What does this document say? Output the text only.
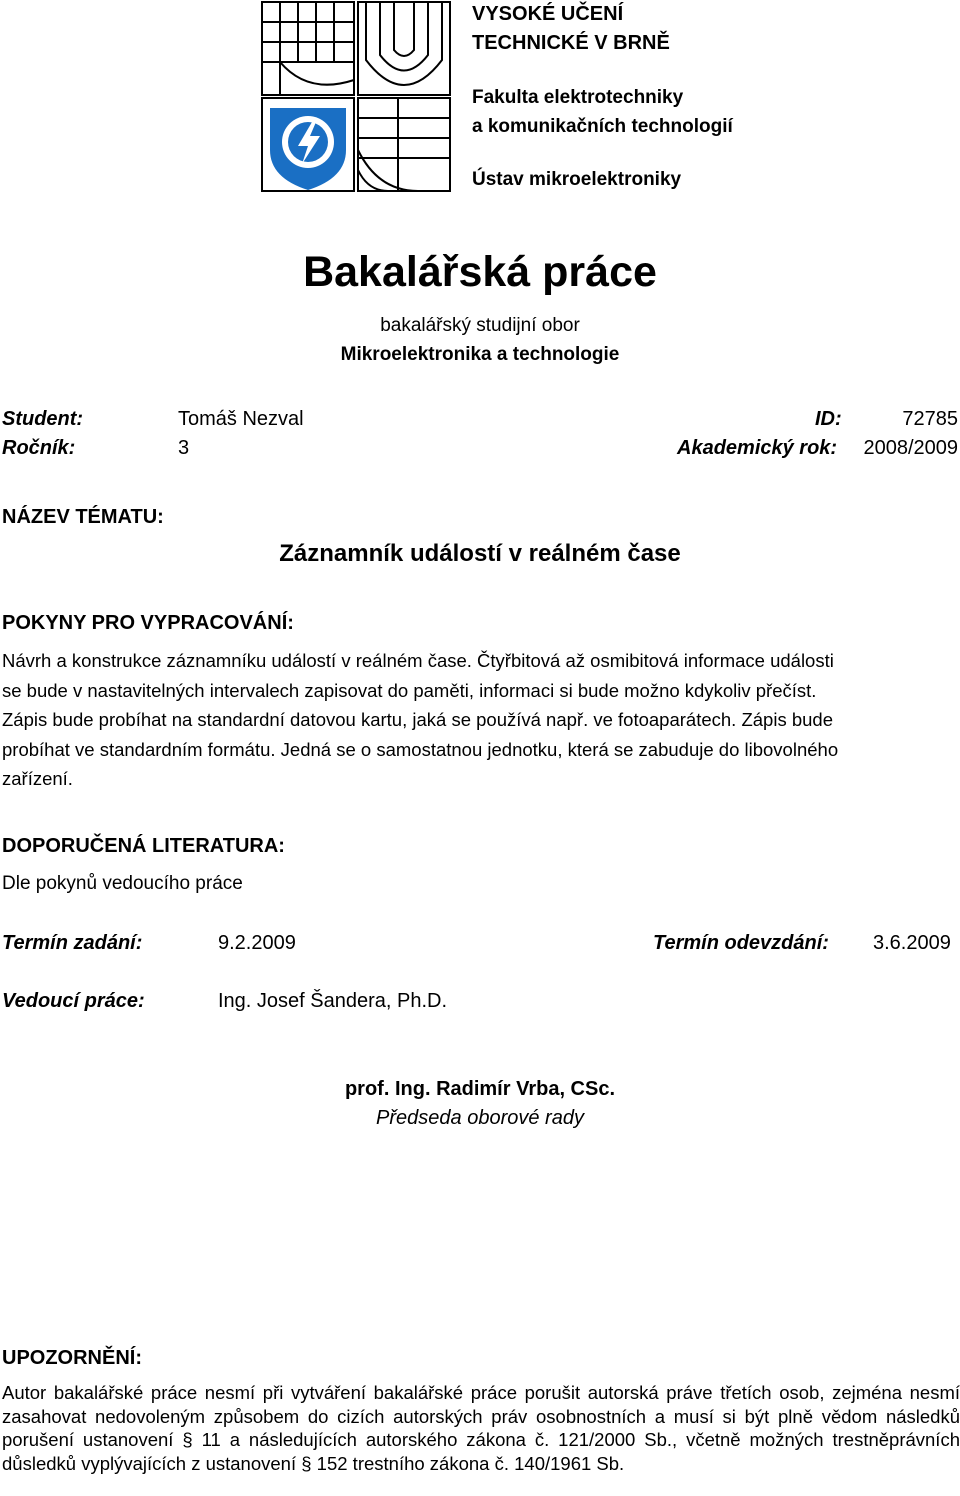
VYSOKÉ UČENÍ
TECHNICKÉ V BRNĚ
Fakulta elektrotechniky
a komunikačních technologií
Ústav mikroelektroniky
Bakalářská práce
bakalářský studijní obor
Mikroelektronika a technologie
Student:	Tomáš Nezval	ID:	72785
Ročník:	3	Akademický rok: 2008/2009
NÁZEV TÉMATU:
Záznamník událostí v reálném čase
POKYNY PRO VYPRACOVÁNÍ:
Návrh a konstrukce záznamníku událostí v reálném čase. Čtyřbitová až osmibitová informace události
se bude v nastavitelných intervalech zapisovat do paměti, informaci si bude možno kdykoliv přečíst.
Zápis bude probíhat na standardní datovou kartu, jaká se používá např. ve fotoaparátech. Zápis bude
probíhat ve standardním formátu. Jedná se o samostatnou jednotku, která se zabuduje do libovolného
zařízení.
DOPORUČENÁ LITERATURA:
Dle pokynů vedoucího práce
Termín zadání:	9.2.2009	Termín odevzdání: 3.6.2009
Vedoucí práce:	Ing. Josef Šandera, Ph.D.
prof. Ing. Radimír Vrba, CSc.
Předseda oborové rady
UPOZORNĚNÍ:
Autor bakalářské práce nesmí při vytváření bakalářské práce porušit autorská práve třetích osob, zejména nesmí zasahovat nedovoleným způsobem do cizích autorských práv osobnostních a musí si být plně vědom následků porušení ustanovení § 11 a následujících autorského zákona č. 121/2000 Sb., včetně možných trestněprávních důsledků vyplývajících z ustanovení § 152 trestního zákona č. 140/1961 Sb.
